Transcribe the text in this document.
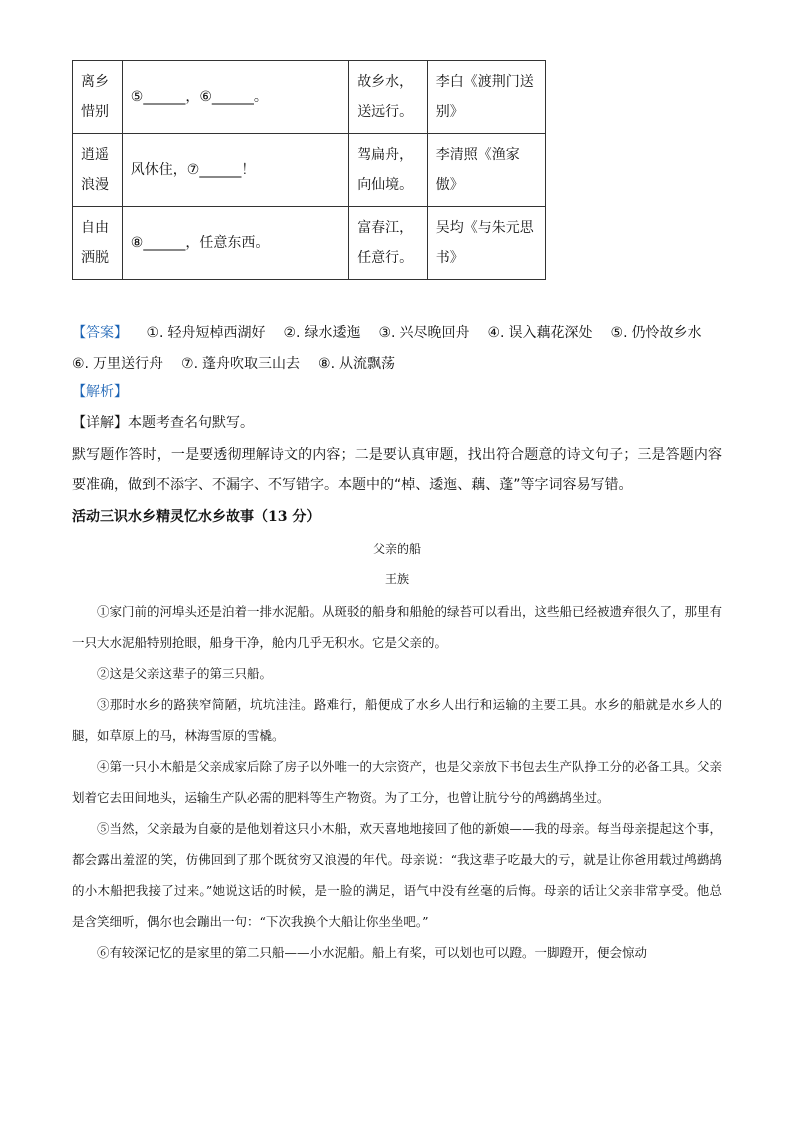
离乡
惜别	⑤______，⑥______。	故乡水，
送远行。	李白《渡荆门送
别》

逍遥
浪漫	风休住，⑦______！	驾扁舟，
向仙境。	李清照《渔家
傲》

自由
洒脱	⑧______，任意东西。	富春江，
任意行。	吴均《与朱元思
书》
【答案】 ①. 轻舟短棹西湖好 ②. 绿水逶迤 ③. 兴尽晚回舟 ④. 误入藕花深处 ⑤. 仍怜故乡水⑥. 万里送行舟 ⑦. 蓬舟吹取三山去 ⑧. 从流飘荡
【解析】
【详解】本题考查名句默写。
默写题作答时，一是要透彻理解诗文的内容；二是要认真审题，找出符合题意的诗文句子；三是答题内容要准确，做到不添字、不漏字、不写错字。本题中的“棹、逶迤、藕、蓬”等字词容易写错。
活动三识水乡精灵忆水乡故事（13 分）
父亲的船
王族

①家门前的河埠头还是泊着一排水泥船。从斑驳的船身和船舱的绿苔可以看出，这些船已经被遗弃很久了，那里有一只大水泥船特别抢眼，船身干净，舱内几乎无积水。它是父亲的。

②这是父亲这辈子的第三只船。

③那时水乡的路狭窄简陋，坑坑洼洼。路难行，船便成了水乡人出行和运输的主要工具。水乡的船就是水乡人的腿，如草原上的马，林海雪原的雪橇。

④第一只小木船是父亲成家后除了房子以外唯一的大宗资产，也是父亲放下书包去生产队挣工分的必备工具。父亲划着它去田间地头，运输生产队必需的肥料等生产物资。为了工分，也曾让肮兮兮的鸬鹚鸪坐过。

⑤当然，父亲最为自豪的是他划着这只小木船，欢天喜地地接回了他的新娘——我的母亲。每当母亲提起这个事，都会露出羞涩的笑，仿佛回到了那个既贫穷又浪漫的年代。母亲说：“我这辈子吃最大的亏，就是让你爸用载过鸬鹚鸪的小木船把我接了过来。”她说这话的时候，是一脸的满足，语气中没有丝毫的后悔。母亲的话让父亲非常享受。他总是含笑细听，偶尔也会蹦出一句：“下次我换个大船让你坐坐吧。”

⑥有较深记忆的是家里的第二只船——小水泥船。船上有桨，可以划也可以蹬。一脚蹬开，便会惊动
